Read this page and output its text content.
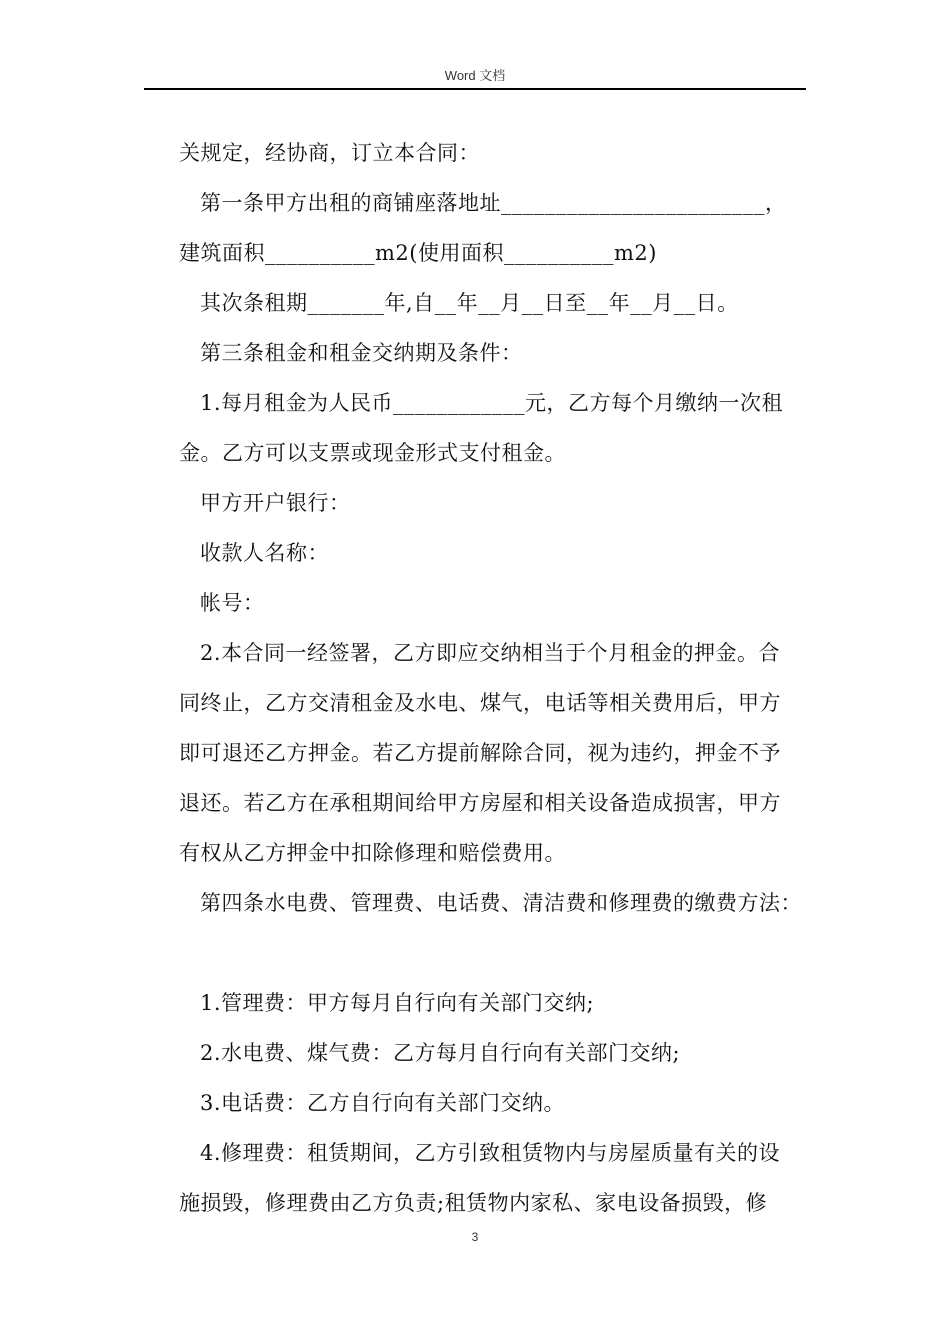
Word 文档
关规定，经协商，订立本合同：
第一条甲方出租的商铺座落地址________________________，
建筑面积__________m2(使用面积__________m2)
其次条租期_______年,自__年__月__日至__年__月__日。
第三条租金和租金交纳期及条件：
1.每月租金为人民币____________元，乙方每个月缴纳一次租
金。乙方可以支票或现金形式支付租金。
甲方开户银行：
收款人名称：
帐号：
2.本合同一经签署，乙方即应交纳相当于个月租金的押金。合
同终止，乙方交清租金及水电、煤气，电话等相关费用后，甲方
即可退还乙方押金。若乙方提前解除合同，视为违约，押金不予
退还。若乙方在承租期间给甲方房屋和相关设备造成损害，甲方
有权从乙方押金中扣除修理和赔偿费用。
第四条水电费、管理费、电话费、清洁费和修理费的缴费方法：
1.管理费：甲方每月自行向有关部门交纳;
2.水电费、煤气费：乙方每月自行向有关部门交纳;
3.电话费：乙方自行向有关部门交纳。
4.修理费：租赁期间，乙方引致租赁物内与房屋质量有关的设
施损毁，修理费由乙方负责;租赁物内家私、家电设备损毁，修
3
